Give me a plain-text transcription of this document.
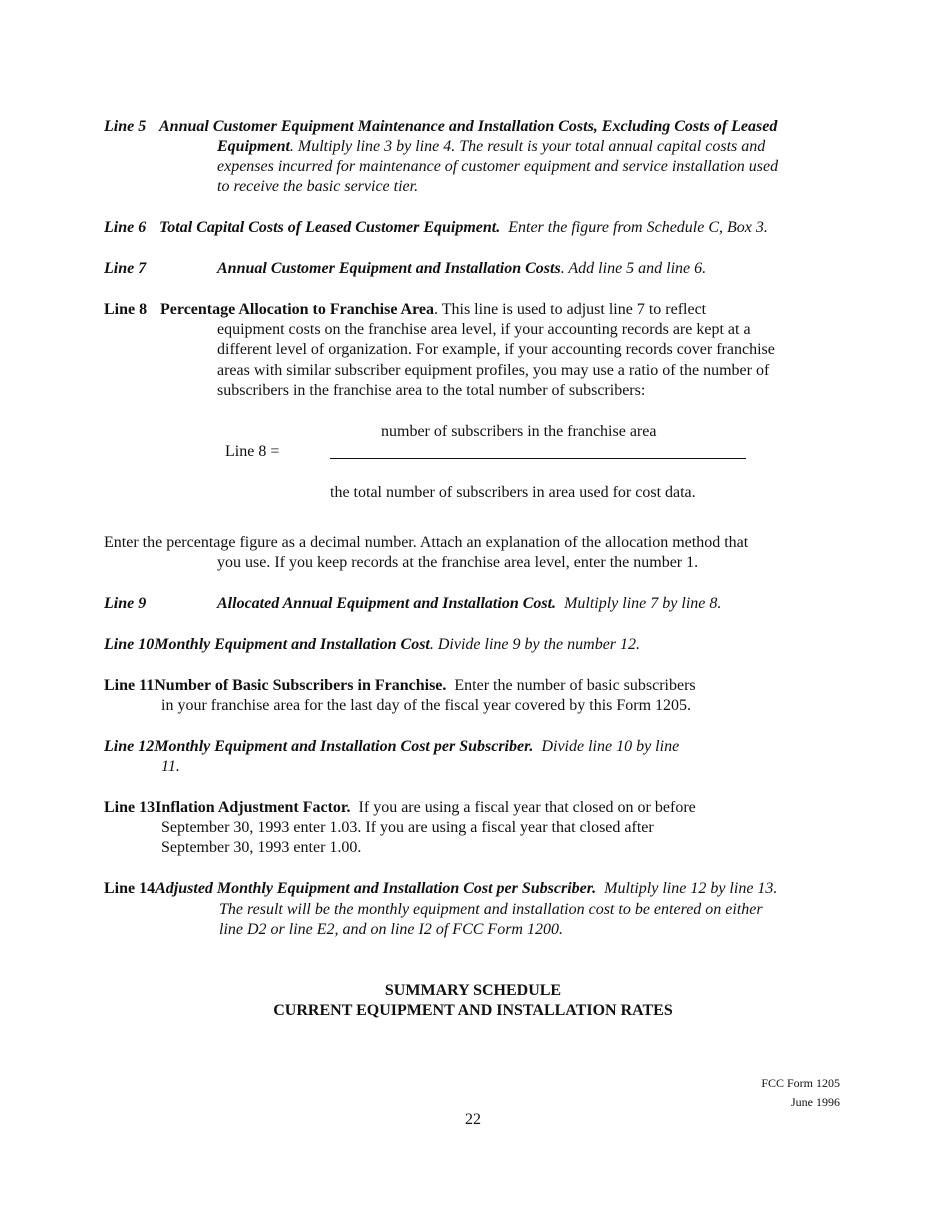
Line 5 Annual Customer Equipment Maintenance and Installation Costs, Excluding Costs of Leased
Equipment. Multiply line 3 by line 4. The result is your total annual capital costs and
expenses incurred for maintenance of customer equipment and service installation used
to receive the basic service tier.
Line 6 Total Capital Costs of Leased Customer Equipment. Enter the figure from Schedule C, Box 3.
Line 7	Annual Customer Equipment and Installation Costs. Add line 5 and line 6.
Line 8 Percentage Allocation to Franchise Area. This line is used to adjust line 7 to reflect
equipment costs on the franchise area level, if your accounting records are kept at a
different level of organization. For example, if your accounting records cover franchise
areas with similar subscriber equipment profiles, you may use a ratio of the number of
subscribers in the franchise area to the total number of subscribers:
number of subscribers in the franchise area
Line 8 =
the total number of subscribers in area used for cost data.
Enter the percentage figure as a decimal number. Attach an explanation of the allocation method that
you use. If you keep records at the franchise area level, enter the number 1.
Line 9	Allocated Annual Equipment and Installation Cost. Multiply line 7 by line 8.
Line 10Monthly Equipment and Installation Cost. Divide line 9 by the number 12.
Line 11Number of Basic Subscribers in Franchise. Enter the number of basic subscribers
in your franchise area for the last day of the fiscal year covered by this Form 1205.
Line 12Monthly Equipment and Installation Cost per Subscriber. Divide line 10 by line
11.
Line 13Inflation Adjustment Factor. If you are using a fiscal year that closed on or before
September 30, 1993 enter 1.03. If you are using a fiscal year that closed after
September 30, 1993 enter 1.00.
Line 14Adjusted Monthly Equipment and Installation Cost per Subscriber. Multiply line 12 by line 13.
The result will be the monthly equipment and installation cost to be entered on either
line D2 or line E2, and on line I2 of FCC Form 1200.
SUMMARY SCHEDULE
CURRENT EQUIPMENT AND INSTALLATION RATES
FCC Form 1205
June 1996
22
